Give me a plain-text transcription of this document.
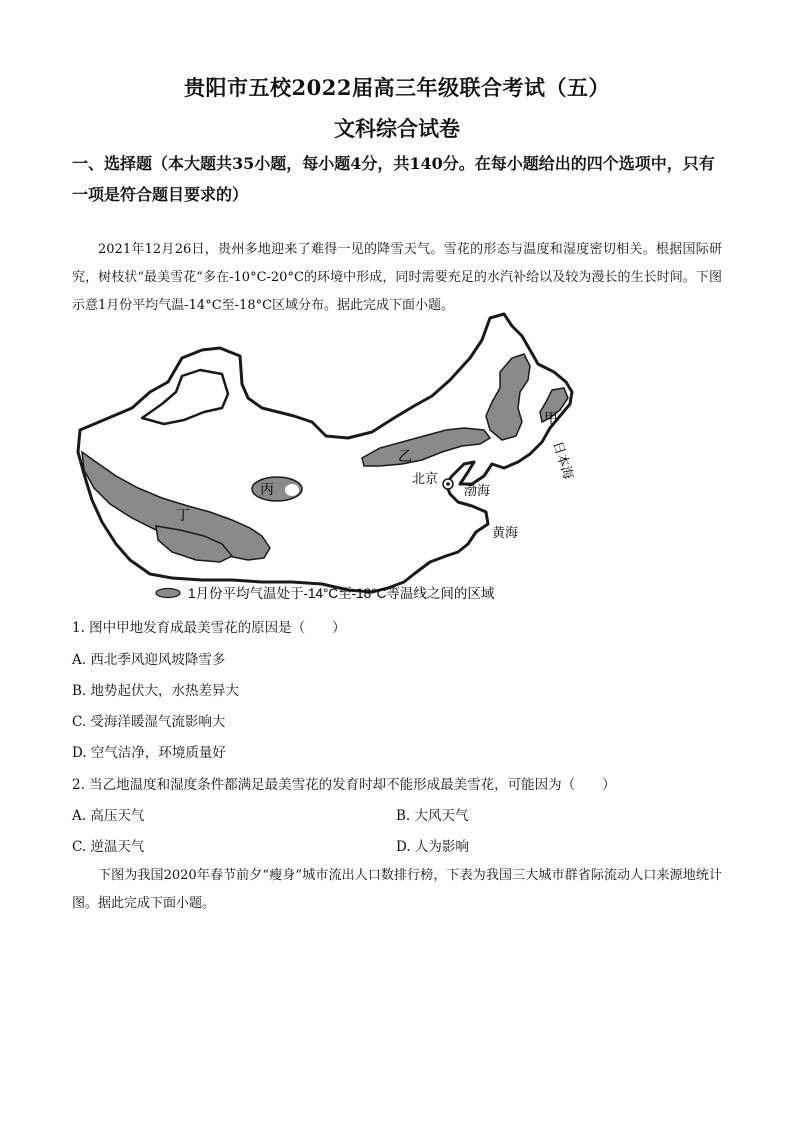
贵阳市五校2022届高三年级联合考试（五）
文科综合试卷
一、选择题（本大题共35小题，每小题4分，共140分。在每小题给出的四个选项中，只有一项是符合题目要求的）
2021年12月26日，贵州多地迎来了难得一见的降雪天气。雪花的形态与温度和湿度密切相关。根据国际研究，树枝状“最美雪花”多在-10°C-20°C的环境中形成，同时需要充足的水汽补给以及较为漫长的生长时间。下图示意1月份平均气温-14°C至-18°C区域分布。据此完成下面小题。
甲
乙
丙
丁
北京
渤海
黄海
日本海
1月份平均气温处于-14°C至-18°C等温线之间的区域
1. 图中甲地发育成最美雪花的原因是（　　）
A. 西北季风迎风坡降雪多
B. 地势起伏大，水热差异大
C. 受海洋暖湿气流影响大
D. 空气洁净，环境质量好
2. 当乙地温度和湿度条件都满足最美雪花的发育时却不能形成最美雪花，可能因为（　　）
A. 高压天气	B. 大风天气
C. 逆温天气	D. 人为影响
下图为我国2020年春节前夕“瘦身”城市流出人口数排行榜，下表为我国三大城市群省际流动人口来源地统计图。据此完成下面小题。
